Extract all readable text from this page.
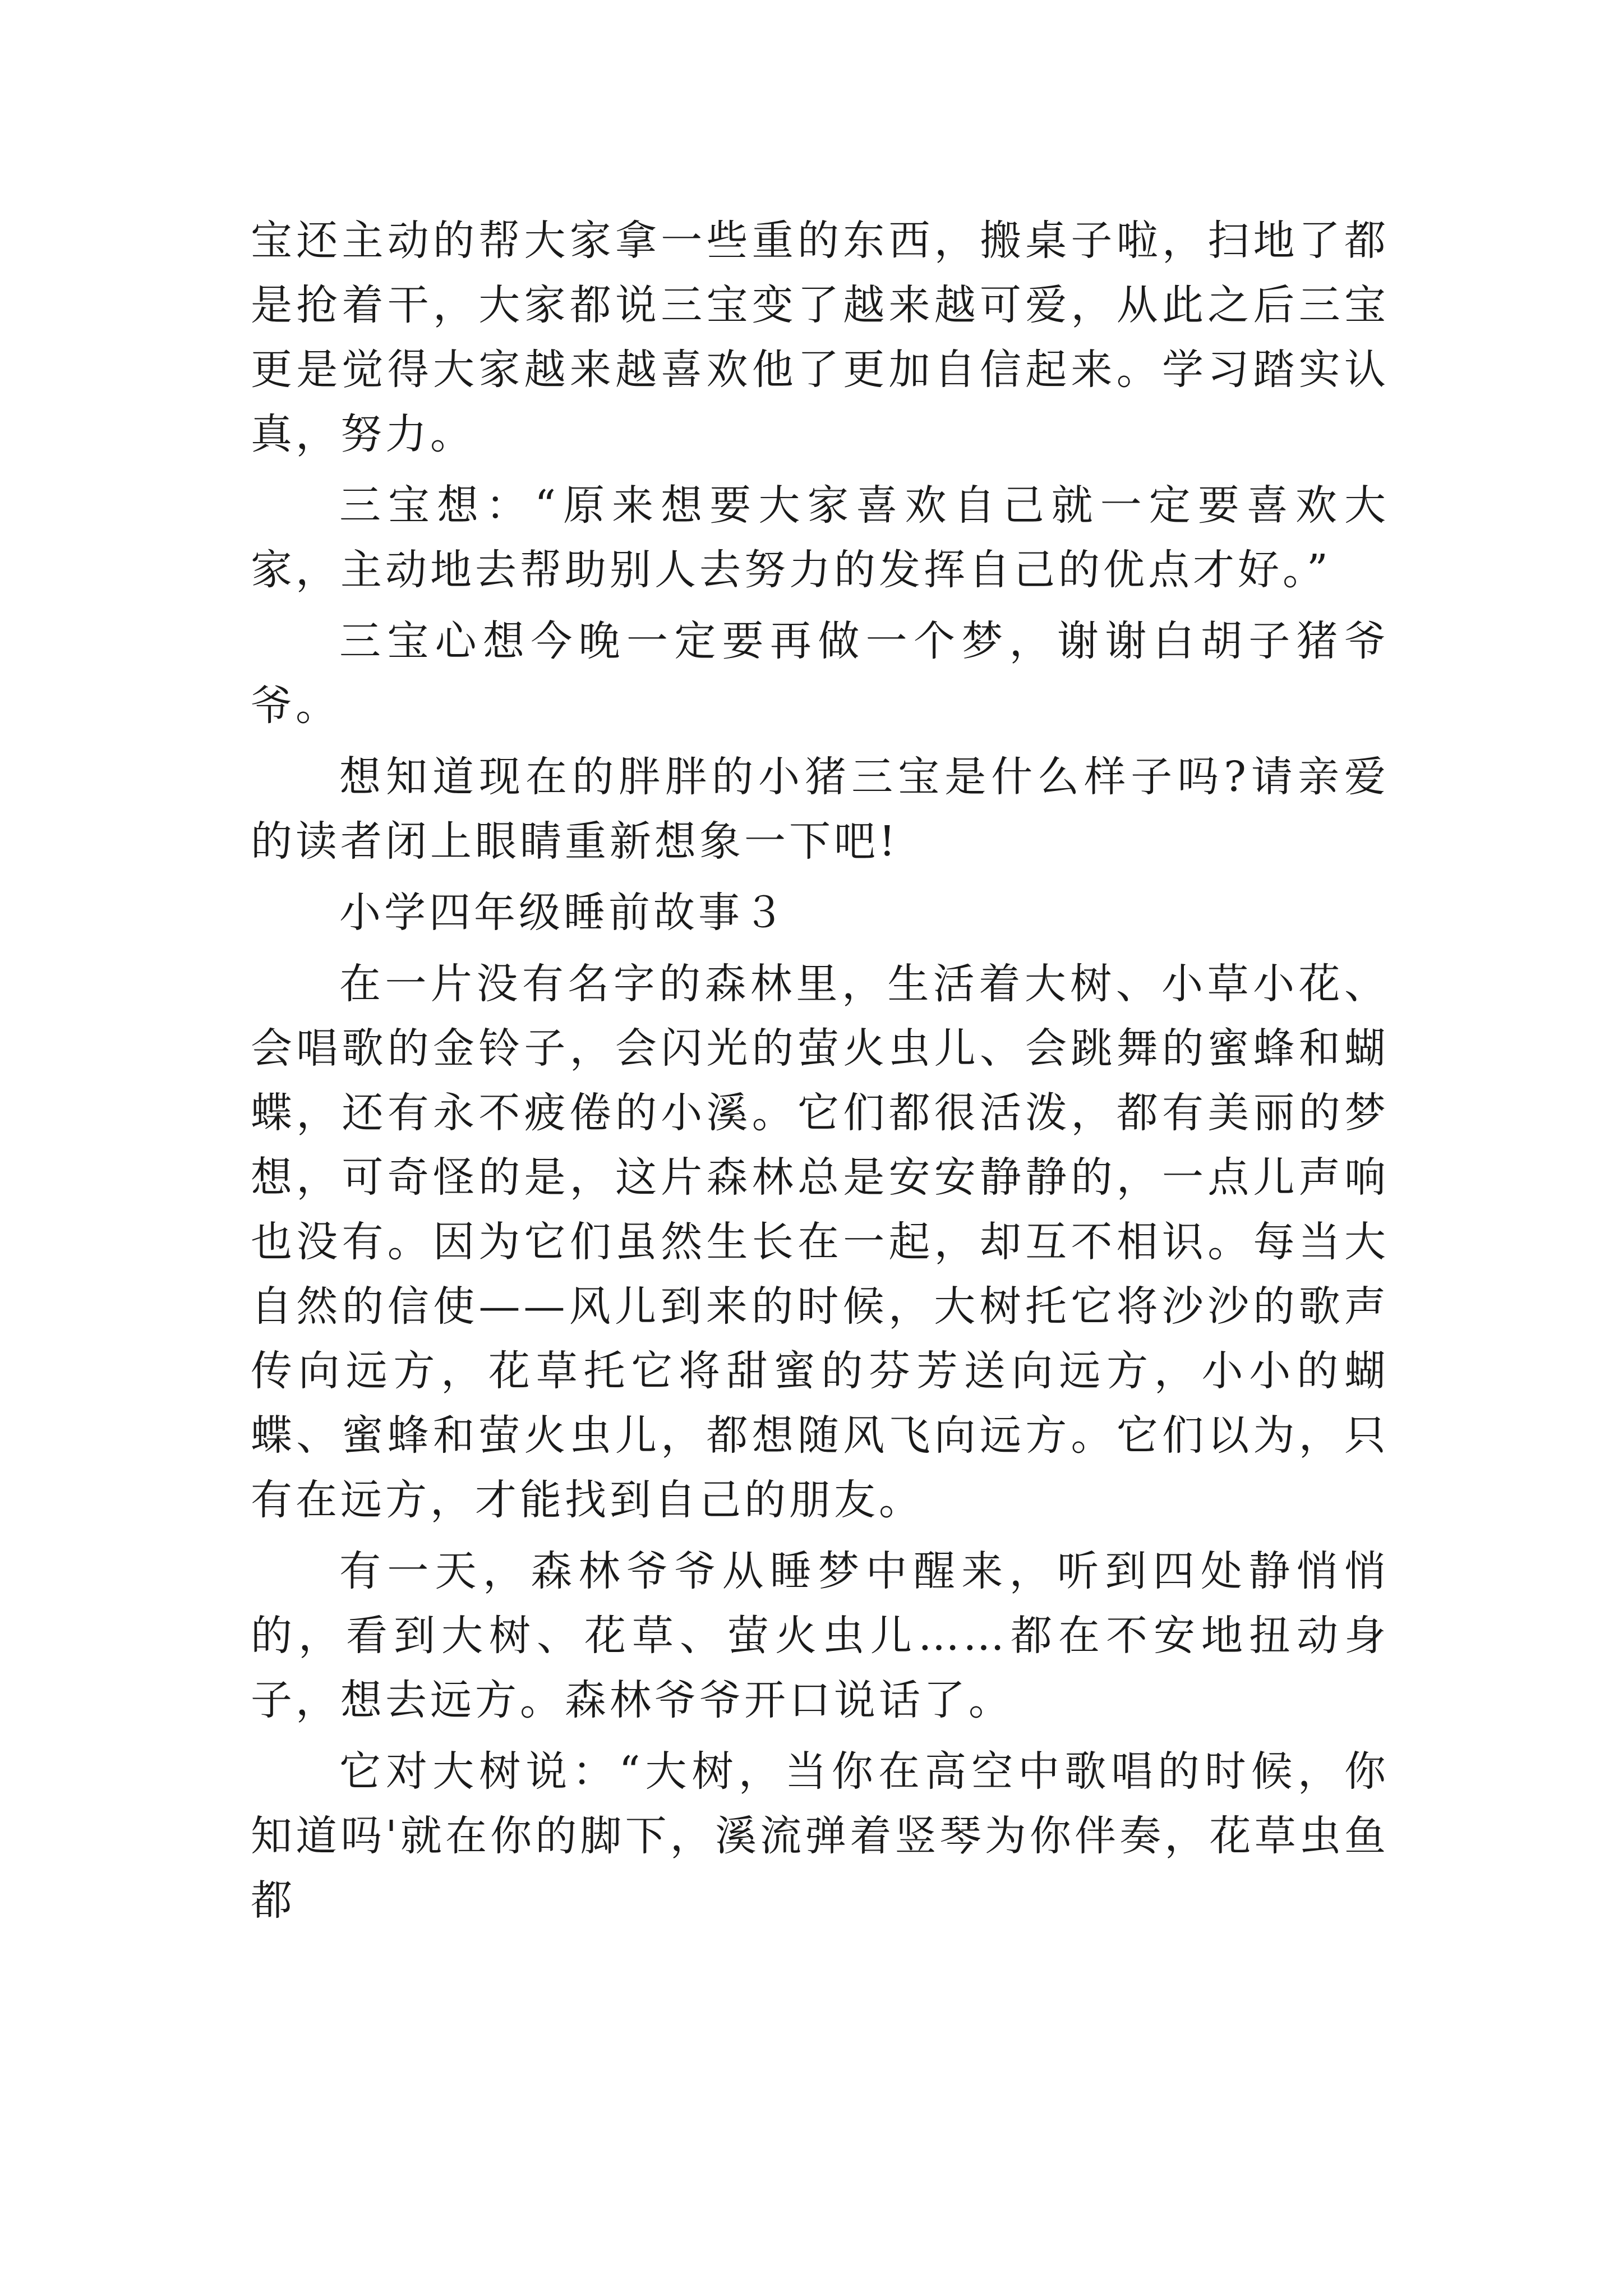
宝还主动的帮大家拿一些重的东西，搬桌子啦，扫地了都是抢着干，大家都说三宝变了越来越可爱，从此之后三宝更是觉得大家越来越喜欢他了更加自信起来。学习踏实认真，努力。

三宝想：“原来想要大家喜欢自己就一定要喜欢大家，主动地去帮助别人去努力的发挥自己的优点才好。”

三宝心想今晚一定要再做一个梦，谢谢白胡子猪爷爷。

想知道现在的胖胖的小猪三宝是什么样子吗?请亲爱的读者闭上眼睛重新想象一下吧!

小学四年级睡前故事３

在一片没有名字的森林里，生活着大树、小草小花、会唱歌的金铃子，会闪光的萤火虫儿、会跳舞的蜜蜂和蝴蝶，还有永不疲倦的小溪。它们都很活泼，都有美丽的梦想，可奇怪的是，这片森林总是安安静静的，一点儿声响也没有。因为它们虽然生长在一起，却互不相识。每当大自然的信使——风儿到来的时候，大树托它将沙沙的歌声传向远方，花草托它将甜蜜的芬芳送向远方，小小的蝴蝶、蜜蜂和萤火虫儿，都想随风飞向远方。它们以为，只有在远方，才能找到自己的朋友。

有一天，森林爷爷从睡梦中醒来，听到四处静悄悄的，看到大树、花草、萤火虫儿……都在不安地扭动身子，想去远方。森林爷爷开口说话了。

它对大树说：“大树，当你在高空中歌唱的时候，你知道吗'就在你的脚下，溪流弹着竖琴为你伴奏，花草虫鱼都
